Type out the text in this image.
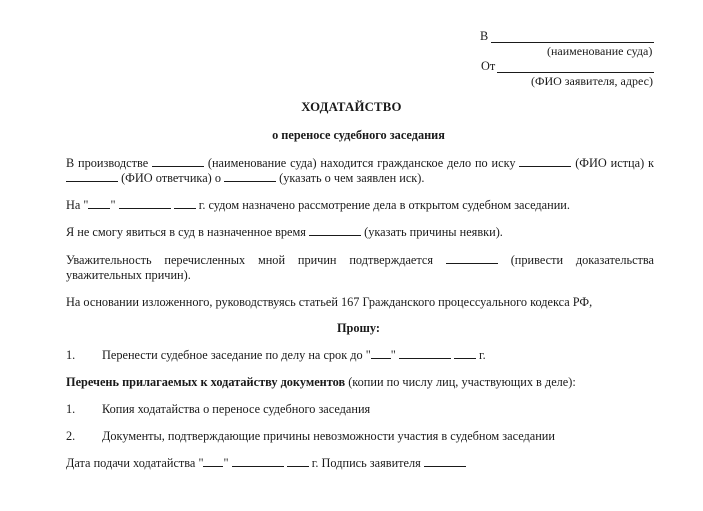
В
(наименование суда)
От
(ФИО заявителя, адрес)
ХОДАТАЙСТВО
о переносе судебного заседания
В производстве	(наименование суда) находится гражданское дело по иску	(ФИО истца) к
(ФИО ответчика) о	(указать о чем заявлен иск).
На " "	г. судом назначено рассмотрение дела в открытом судебном заседании.
Я не смогу явиться в суд в назначенное время	(указать причины неявки).
Уважительность перечисленных мной причин подтверждается	(привести доказательства
уважительных причин).
На основании изложенного, руководствуясь статьей 167 Гражданского процессуального кодекса РФ,
Прошу:
1. Перенести судебное заседание по делу на срок до " "	г.
Перечень прилагаемых к ходатайству документов (копии по числу лиц, участвующих в деле):
1. Копия ходатайства о переносе судебного заседания
2. Документы, подтверждающие причины невозможности участия в судебном заседании
Дата подачи ходатайства " "	г. Подпись заявителя
